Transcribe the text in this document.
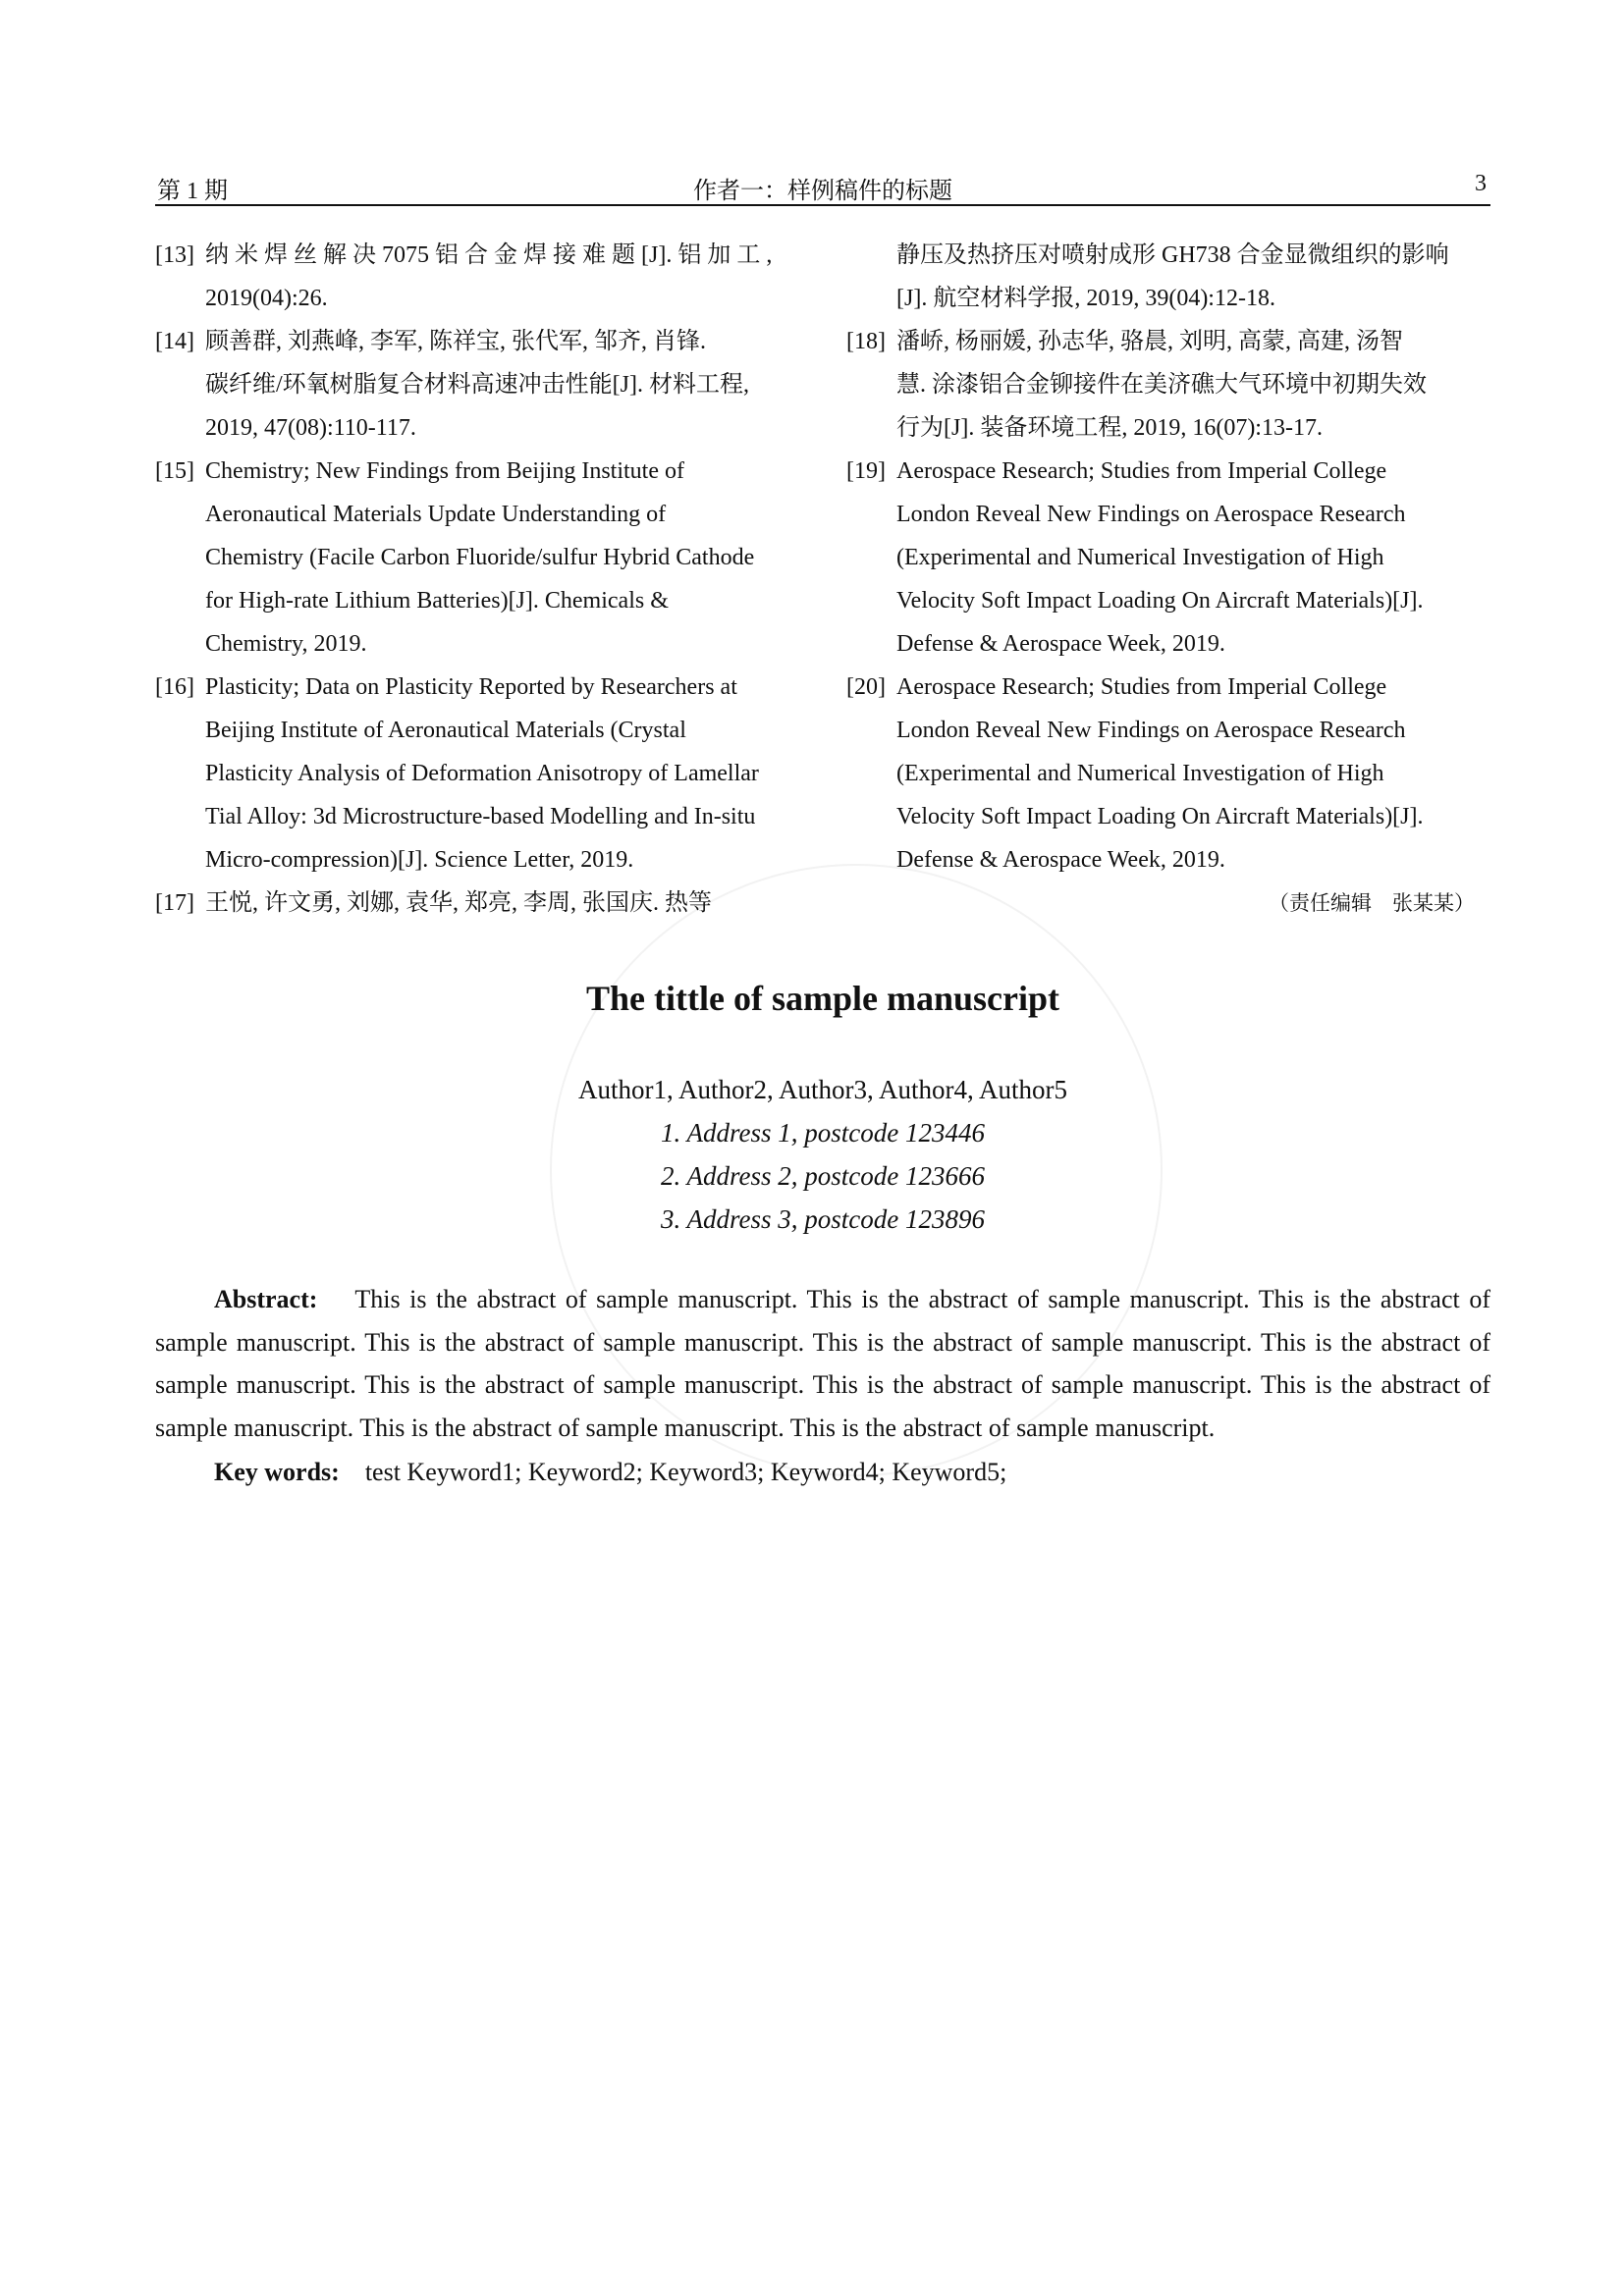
第 1 期	作者一：样例稿件的标题	3
[13] 纳 米 焊 丝 解 决 7075 铝 合 金 焊 接 难 题 [J]. 铝 加 工 ,
2019(04):26.
[14] 顾善群, 刘燕峰, 李军, 陈祥宝, 张代军, 邹齐, 肖锋.
碳纤维/环氧树脂复合材料高速冲击性能[J]. 材料工程,
2019, 47(08):110-117.
[15] Chemistry; New Findings from Beijing Institute of
Aeronautical Materials Update Understanding of
Chemistry (Facile Carbon Fluoride/sulfur Hybrid Cathode
for High-rate Lithium Batteries)[J]. Chemicals &
Chemistry, 2019.
[16] Plasticity; Data on Plasticity Reported by Researchers at
Beijing Institute of Aeronautical Materials (Crystal
Plasticity Analysis of Deformation Anisotropy of Lamellar
Tial Alloy: 3d Microstructure-based Modelling and In-situ
Micro-compression)[J]. Science Letter, 2019.
[17] 王悦, 许文勇, 刘娜, 袁华, 郑亮, 李周, 张国庆. 热等
静压及热挤压对喷射成形 GH738 合金显微组织的影响
[J]. 航空材料学报, 2019, 39(04):12-18.
[18] 潘峤, 杨丽媛, 孙志华, 骆晨, 刘明, 高蒙, 高建, 汤智
慧. 涂漆铝合金铆接件在美济礁大气环境中初期失效
行为[J]. 装备环境工程, 2019, 16(07):13-17.
[19] Aerospace Research; Studies from Imperial College
London Reveal New Findings on Aerospace Research
(Experimental and Numerical Investigation of High
Velocity Soft Impact Loading On Aircraft Materials)[J].
Defense & Aerospace Week, 2019.
[20] Aerospace Research; Studies from Imperial College
London Reveal New Findings on Aerospace Research
(Experimental and Numerical Investigation of High
Velocity Soft Impact Loading On Aircraft Materials)[J].
Defense & Aerospace Week, 2019.
（责任编辑　张某某）
The tittle of sample manuscript
Author1, Author2, Author3, Author4, Author5
1. Address 1, postcode 123446
2. Address 2, postcode 123666
3. Address 3, postcode 123896
Abstract: This is the abstract of sample manuscript. This is the abstract of sample manuscript. This is the abstract of sample manuscript. This is the abstract of sample manuscript. This is the abstract of sample manuscript. This is the abstract of sample manuscript. This is the abstract of sample manuscript. This is the abstract of sample manuscript. This is the abstract of sample manuscript. This is the abstract of sample manuscript. This is the abstract of sample manuscript.
Key words: test Keyword1; Keyword2; Keyword3; Keyword4; Keyword5;
